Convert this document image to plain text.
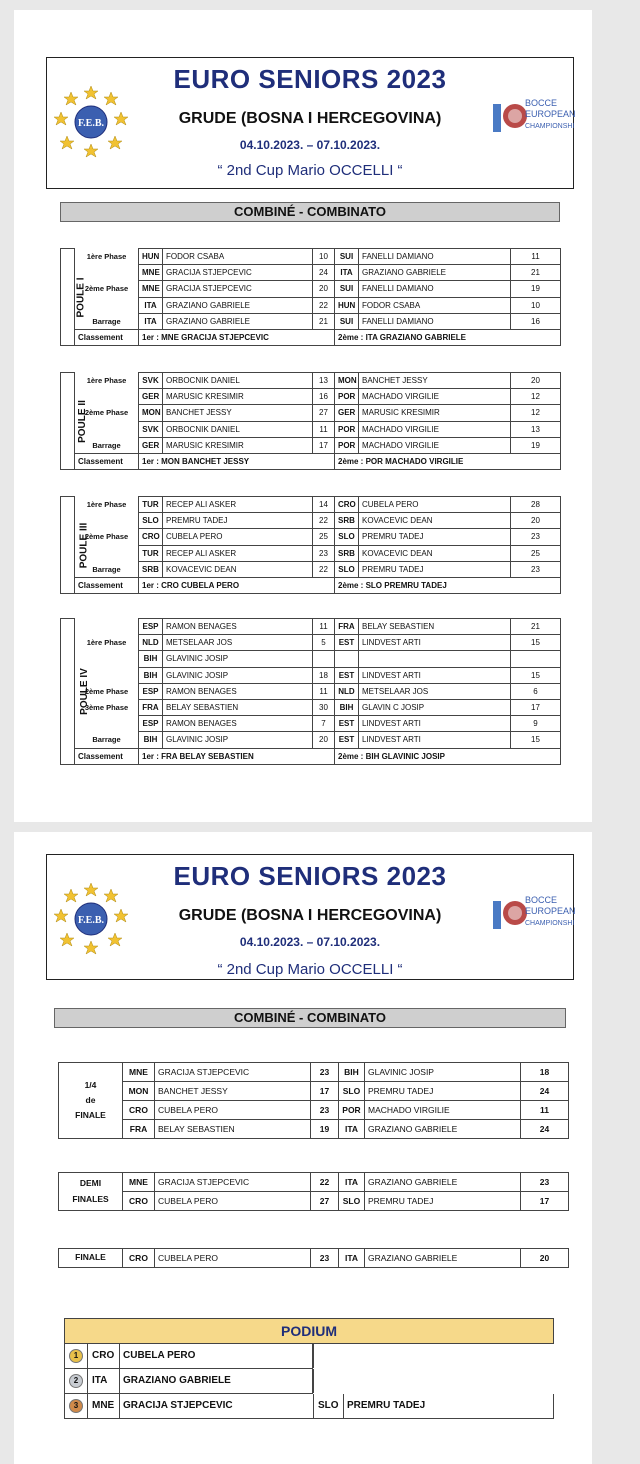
F.E.B.
EURO SENIORS 2023
GRUDE (BOSNA I HERCEGOVINA)
04.10.2023. – 07.10.2023.
“ 2nd Cup Mario OCCELLI “
BOCCE
EUROPEAN
CHAMPIONSHI
COMBINÉ - COMBINATO
POULE I	1ère Phase	HUN	FODOR CSABA	10	SUI	FANELLI DAMIANO	11
		MNE	GRACIJA STJEPCEVIC	24	ITA	GRAZIANO GABRIELE	21
	2ème Phase	MNE	GRACIJA STJEPCEVIC	20	SUI	FANELLI DAMIANO	19
		ITA	GRAZIANO GABRIELE	22	HUN	FODOR CSABA	10
	Barrage	ITA	GRAZIANO GABRIELE	21	SUI	FANELLI DAMIANO	16
	Classement	1er : MNE GRACIJA STJEPCEVIC			2ème : ITA GRAZIANO GABRIELE		
POULE II	1ère Phase	SVK	ORBOCNIK DANIEL	13	MON	BANCHET JESSY	20
		GER	MARUSIC KRESIMIR	16	POR	MACHADO VIRGILIE	12
	2ème Phase	MON	BANCHET JESSY	27	GER	MARUSIC KRESIMIR	12
		SVK	ORBOCNIK DANIEL	11	POR	MACHADO VIRGILIE	13
	Barrage	GER	MARUSIC KRESIMIR	17	POR	MACHADO VIRGILIE	19
	Classement	1er : MON BANCHET JESSY			2ème : POR MACHADO VIRGILIE		
POULE III	1ère Phase	TUR	RECEP ALI ASKER	14	CRO	CUBELA PERO	28
		SLO	PREMRU TADEJ	22	SRB	KOVACEVIC DEAN	20
	2ème Phase	CRO	CUBELA PERO	25	SLO	PREMRU TADEJ	23
		TUR	RECEP ALI ASKER	23	SRB	KOVACEVIC DEAN	25
	Barrage	SRB	KOVACEVIC DEAN	22	SLO	PREMRU TADEJ	23
	Classement	1er : CRO CUBELA PERO			2ème : SLO PREMRU TADEJ		
POULE IV		ESP	RAMON BENAGES	11	FRA	BELAY SEBASTIEN	21
	1ère Phase	NLD	METSELAAR JOS	5	EST	LINDVEST ARTI	15
		BIH	GLAVINIC JOSIP				
		BIH	GLAVINIC JOSIP	18	EST	LINDVEST ARTI	15
	2ème Phase	ESP	RAMON BENAGES	11	NLD	METSELAAR JOS	6
	3ème Phase	FRA	BELAY SEBASTIEN	30	BIH	GLAVIN C JOSIP	17
		ESP	RAMON BENAGES	7	EST	LINDVEST ARTI	9
	Barrage	BIH	GLAVINIC JOSIP	20	EST	LINDVEST ARTI	15
	Classement	1er : FRA BELAY SEBASTIEN			2ème : BIH GLAVINIC JOSIP		
F.E.B.
EURO SENIORS 2023
GRUDE (BOSNA I HERCEGOVINA)
04.10.2023. – 07.10.2023.
“ 2nd Cup Mario OCCELLI “
BOCCE
EUROPEAN
CHAMPIONSHI
COMBINÉ - COMBINATO
1/4
de
FINALE	MNE	GRACIJA STJEPCEVIC	23	BIH	GLAVINIC JOSIP	18
	MON	BANCHET JESSY	17	SLO	PREMRU TADEJ	24
	CRO	CUBELA PERO	23	POR	MACHADO VIRGILIE	11
	FRA	BELAY SEBASTIEN	19	ITA	GRAZIANO GABRIELE	24
DEMI
FINALES	MNE	GRACIJA STJEPCEVIC	22	ITA	GRAZIANO GABRIELE	23
	CRO	CUBELA PERO	27	SLO	PREMRU TADEJ	17
FINALE	CRO	CUBELA PERO	23	ITA	GRAZIANO GABRIELE	20
PODIUM
1	CRO CUBELA PERO
2	ITA GRAZIANO GABRIELE
3	MNE GRACIJA STJEPCEVIC	SLO PREMRU TADEJ
